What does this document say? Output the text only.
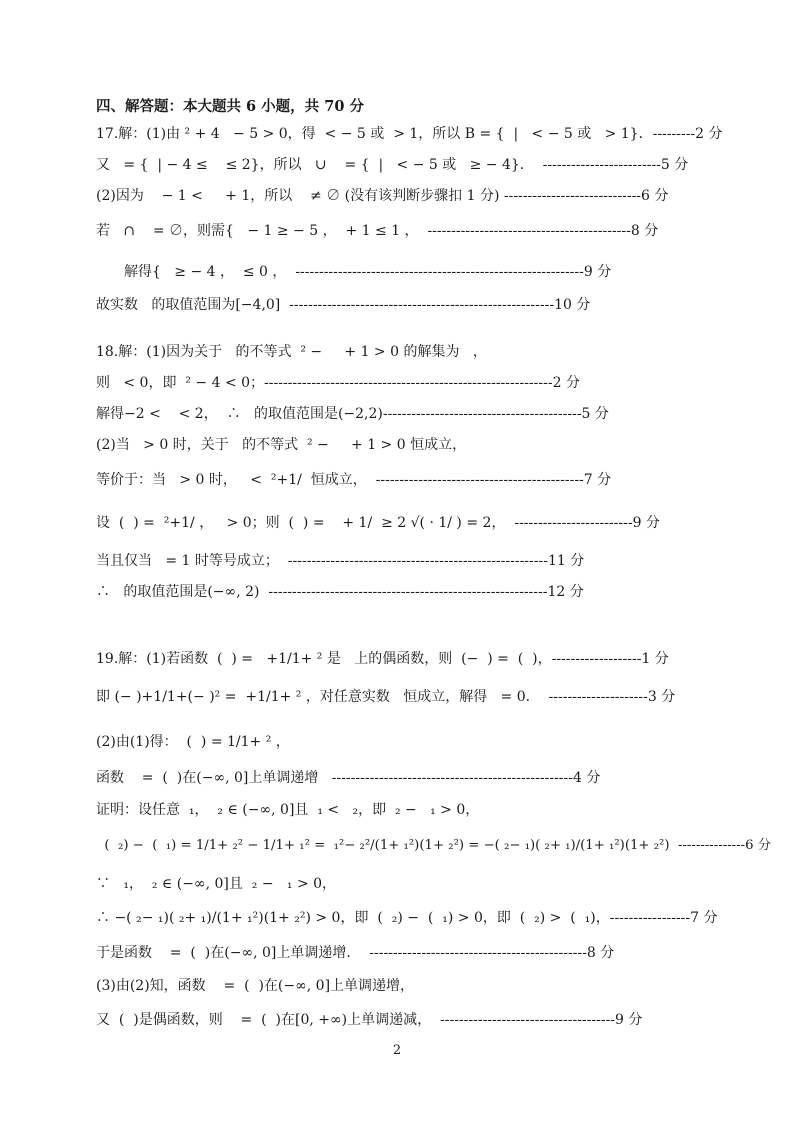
四、解答题：本大题共 6 小题，共 70 分
17.解：(1)由 ² + 4   − 5 > 0，得  < − 5 或  > 1，所以 B = {  |   < − 5 或   > 1}．---------2 分
又   = {  | − 4 ≤    ≤ 2}，所以   ∪    = {  |   < − 5 或   ≥ − 4}．  -------------------------5 分
(2)因为    − 1 <     + 1，所以    ≠ ∅ (没有该判断步骤扣 1 分) -----------------------------6 分
若   ∩    = ∅，则需{   − 1 ≥ − 5 ，  + 1 ≤ 1 ，  -------------------------------------------8 分
解得{   ≥ − 4 ，  ≤ 0 ，  -------------------------------------------------------------9 分
故实数   的取值范围为[−4,0]  --------------------------------------------------------10 分
18.解：(1)因为关于   的不等式  ² −     + 1 > 0 的解集为   ，
则   < 0，即  ² − 4 < 0；-------------------------------------------------------------2 分
解得−2 <    < 2，  ∴   的取值范围是(−2,2)------------------------------------------5 分
(2)当   > 0 时，关于   的不等式  ² −     + 1 > 0 恒成立，
等价于：当   > 0 时，   <  ²+1/  恒成立，  --------------------------------------------7 分
设  (  ) =  ²+1/ ，   > 0；则  (  ) =    + 1/  ≥ 2 √( · 1/ ) = 2，  -------------------------9 分
当且仅当   = 1 时等号成立；  -------------------------------------------------------11 分
∴   的取值范围是(−∞, 2)  -----------------------------------------------------------12 分
19.解：(1)若函数  (  ) =   +1/1+ ² 是   上的偶函数，则  (−  ) =  (  )，-------------------1 分
即 (− )+1/1+(− )² =  +1/1+ ² ，对任意实数   恒成立，解得   = 0．  ---------------------3 分
(2)由(1)得：  (  ) = 1/1+ ² ，
函数    =  (  )在(−∞, 0]上单调递增   ---------------------------------------------------4 分
证明：设任意  ₁，  ₂ ∈ (−∞, 0]且  ₁ <   ₂，即  ₂ −   ₁ > 0，
(  ₂) −  (  ₁) = 1/1+ ₂² − 1/1+ ₁² =  ₁²− ₂²/(1+ ₁²)(1+ ₂²) = −( ₂− ₁)( ₂+ ₁)/(1+ ₁²)(1+ ₂²)  ---------------6 分
∵   ₁，  ₂ ∈ (−∞, 0]且  ₂ −   ₁ > 0，
∴ −( ₂− ₁)( ₂+ ₁)/(1+ ₁²)(1+ ₂²) > 0，即  (  ₂) −  (  ₁) > 0，即  (  ₂) >  (  ₁)，-----------------7 分
于是函数    =  (  )在(−∞, 0]上单调递增．  ----------------------------------------------8 分
(3)由(2)知，函数    =  (  )在(−∞, 0]上单调递增，
又  (  )是偶函数，则    =  (  )在[0, +∞)上单调递减，  -------------------------------------9 分
2
